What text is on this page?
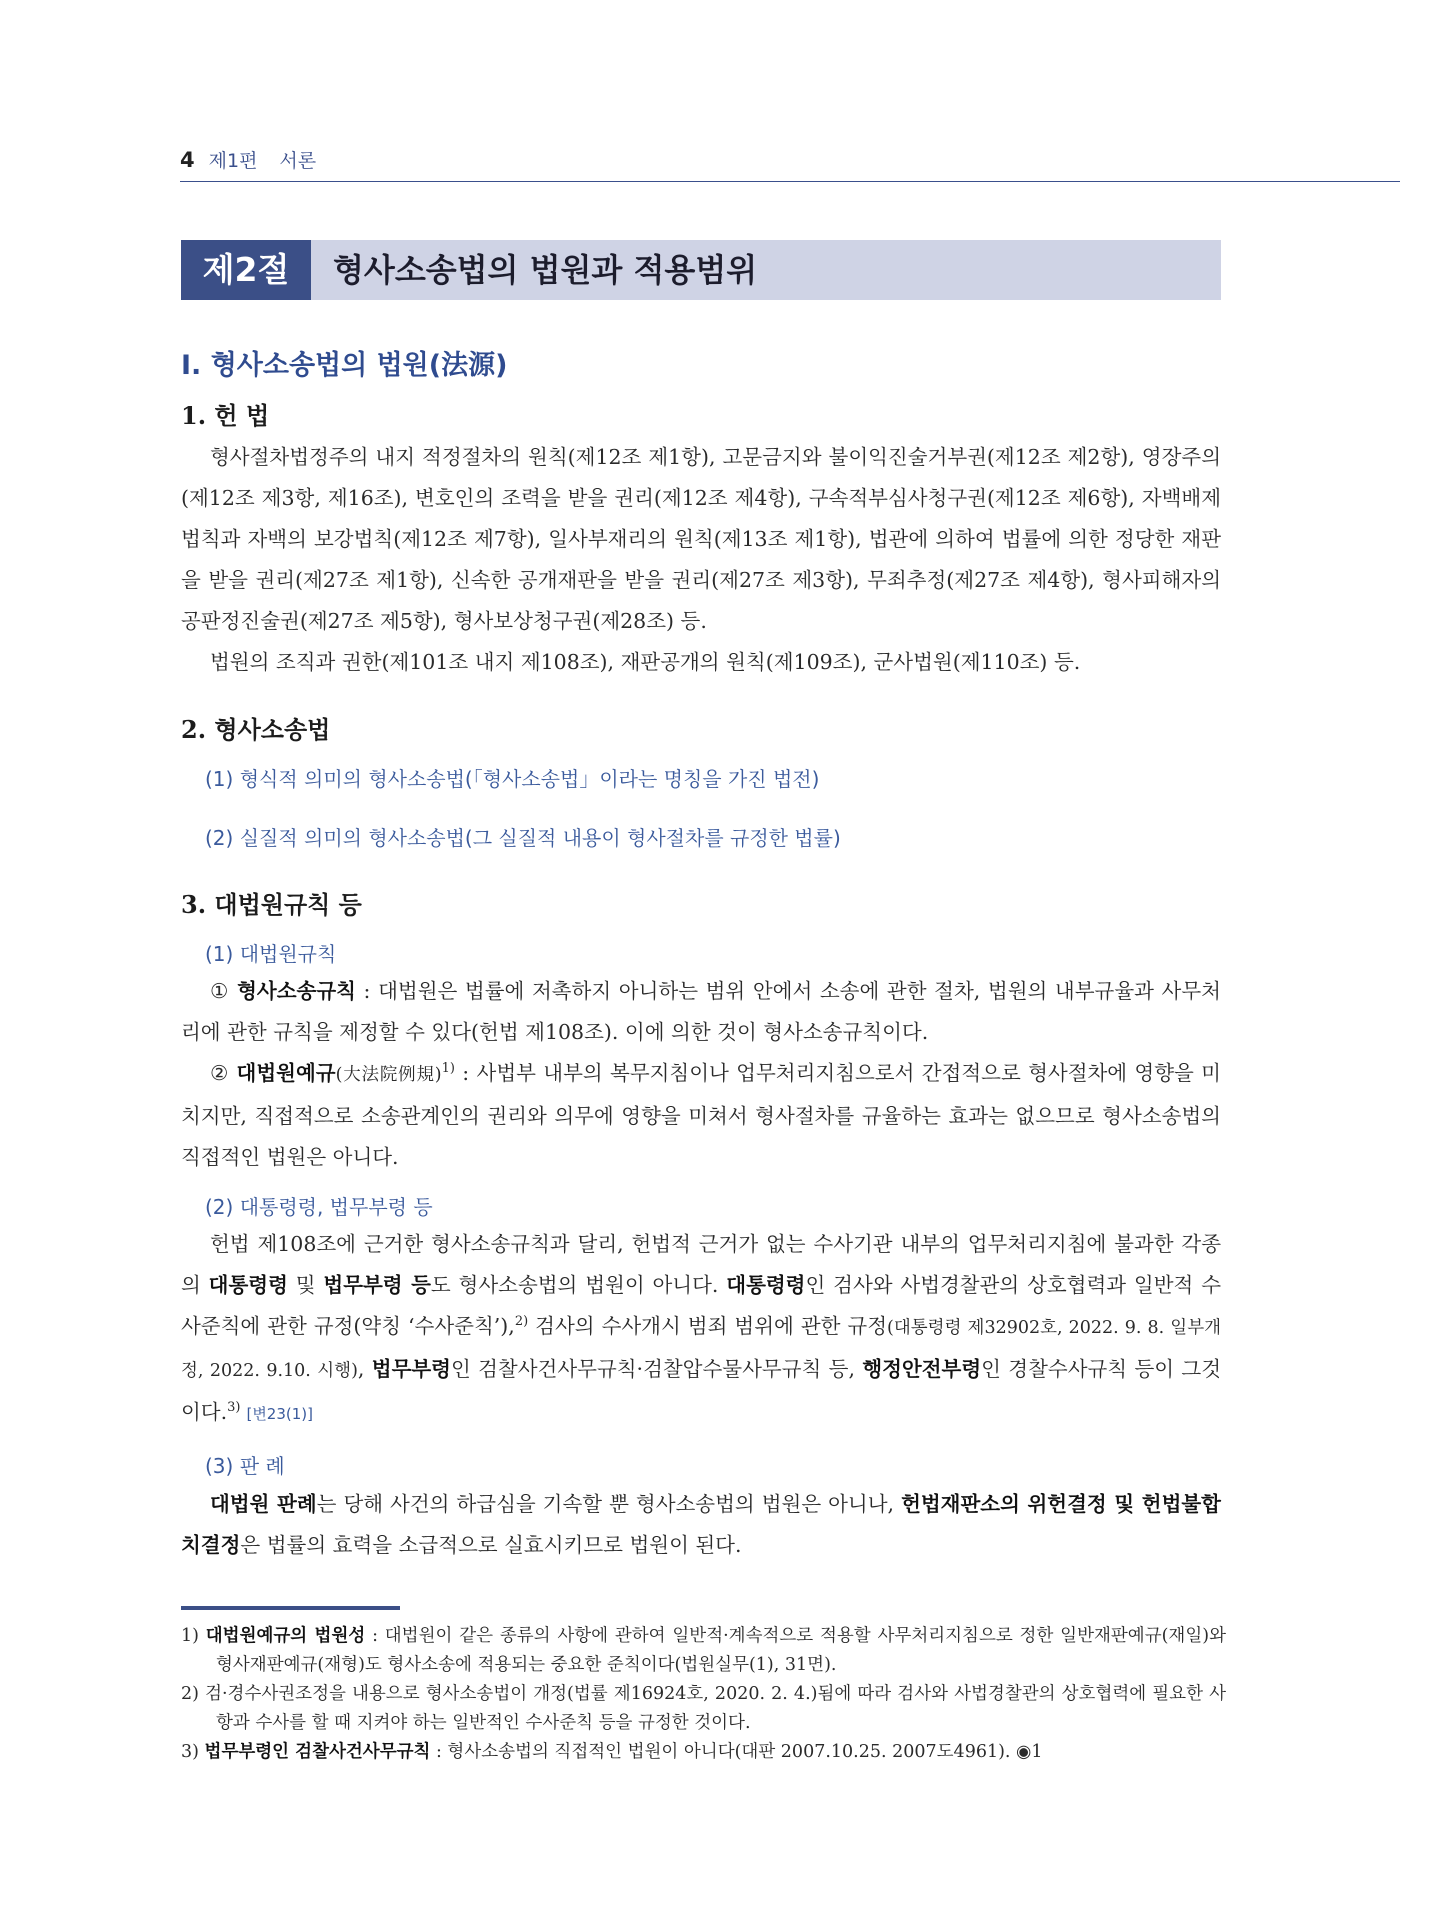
4 제1편 서론
제2절	형사소송법의 법원과 적용범위
Ⅰ. 형사소송법의 법원(法源)
1. 헌 법

형사절차법정주의 내지 적정절차의 원칙(제12조 제1항), 고문금지와 불이익진술거부권(제12조 제2항), 영장주의(제12조 제3항, 제16조), 변호인의 조력을 받을 권리(제12조 제4항), 구속적부심사청구권(제12조 제6항), 자백배제법칙과 자백의 보강법칙(제12조 제7항), 일사부재리의 원칙(제13조 제1항), 법관에 의하여 법률에 의한 정당한 재판을 받을 권리(제27조 제1항), 신속한 공개재판을 받을 권리(제27조 제3항), 무죄추정(제27조 제4항), 형사피해자의 공판정진술권(제27조 제5항), 형사보상청구권(제28조) 등.

법원의 조직과 권한(제101조 내지 제108조), 재판공개의 원칙(제109조), 군사법원(제110조) 등.

2. 형사소송법
(1) 형식적 의미의 형사소송법(「형사소송법」이라는 명칭을 가진 법전)
(2) 실질적 의미의 형사소송법(그 실질적 내용이 형사절차를 규정한 법률)
3. 대법원규칙 등
(1) 대법원규칙

① 형사소송규칙 : 대법원은 법률에 저촉하지 아니하는 범위 안에서 소송에 관한 절차, 법원의 내부규율과 사무처리에 관한 규칙을 제정할 수 있다(헌법 제108조). 이에 의한 것이 형사소송규칙이다.

② 대법원예규(大法院例規)$^{1)}$ : 사법부 내부의 복무지침이나 업무처리지침으로서 간접적으로 형사절차에 영향을 미치지만, 직접적으로 소송관계인의 권리와 의무에 영향을 미쳐서 형사절차를 규율하는 효과는 없으므로 형사소송법의 직접적인 법원은 아니다.

(2) 대통령령, 법무부령 등

헌법 제108조에 근거한 형사소송규칙과 달리, 헌법적 근거가 없는 수사기관 내부의 업무처리지침에 불과한 각종의 대통령령 및 법무부령 등도 형사소송법의 법원이 아니다. 대통령령인 검사와 사법경찰관의 상호협력과 일반적 수사준칙에 관한 규정(약칭 ‘수사준칙’),$^{2)}$ 검사의 수사개시 범죄 범위에 관한 규정(대통령령 제32902호, 2022. 9. 8. 일부개정, 2022. 9.10. 시행), 법무부령인 검찰사건사무규칙·검찰압수물사무규칙 등, 행정안전부령인 경찰수사규칙 등이 그것이다.$^{3)}$ [변23(1)]

(3) 판 례

대법원 판례는 당해 사건의 하급심을 기속할 뿐 형사소송법의 법원은 아니나, 헌법재판소의 위헌결정 및 헌법불합치결정은 법률의 효력을 소급적으로 실효시키므로 법원이 된다.

1) 대법원예규의 법원성 : 대법원이 같은 종류의 사항에 관하여 일반적·계속적으로 적용할 사무처리지침으로 정한 일반재판예규(재일)와 형사재판예규(재형)도 형사소송에 적용되는 중요한 준칙이다(법원실무(1), 31면).

2) 검·경수사권조정을 내용으로 형사소송법이 개정(법률 제16924호, 2020. 2. 4.)됨에 따라 검사와 사법경찰관의 상호협력에 필요한 사항과 수사를 할 때 지켜야 하는 일반적인 수사준칙 등을 규정한 것이다.

3) 법무부령인 검찰사건사무규칙 : 형사소송법의 직접적인 법원이 아니다(대판 2007.10.25. 2007도4961). ◉1
